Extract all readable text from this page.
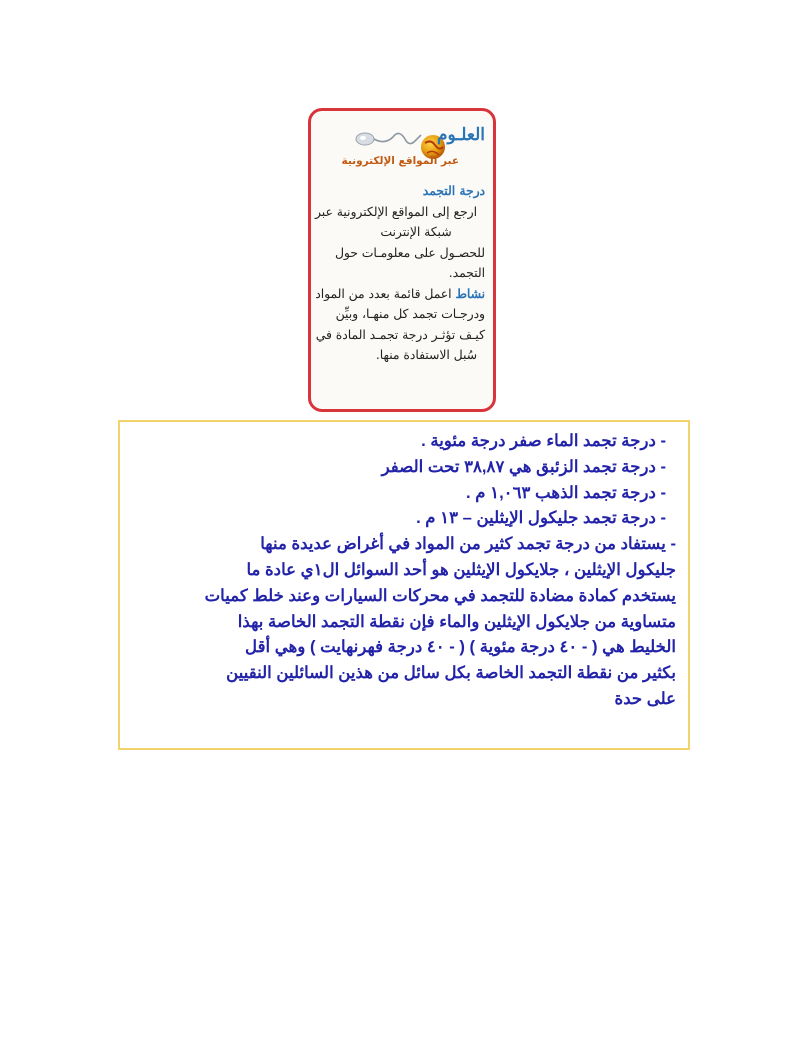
العلـوم
عبر المواقع الإلكترونية

درجة التجمد

ارجع إلى المواقع الإلكترونية عبر

شبكة الإنترنت

للحصـول على معلومـات حول

التجمد.

نشاط اعمل قائمة بعدد من المواد

ودرجـات تجمد كل منهـا، وبيِّن

كيـف تؤثـر درجة تجمـد المادة في

سُبل الاستفادة منها.

- درجة تجمد الماء صفر درجة مئوية .

- درجة تجمد الزئبق هي ٣٨,٨٧ تحت الصفر

- درجة تجمد الذهب ١,٠٦٣ م .

- درجة تجمد جليكول الإيثلين – ١٣ م .

- يستفاد من درجة تجمد كثير من المواد في أغراض عديدة منها

جليكول الإيثلين ، جلايكول الإيثلين هو أحد السوائل ال١ي عادة ما

يستخدم كمادة مضادة للتجمد في محركات السيارات وعند خلط كميات

متساوية من جلايكول الإيثلين والماء فإن نقطة التجمد الخاصة بهذا

الخليط هي ( - ٤٠ درجة مئوية ) ( - ٤٠ درجة فهرنهايت ) وهي أقل

بكثير من نقطة التجمد الخاصة بكل سائل من هذين السائلين النقيين

على حدة
